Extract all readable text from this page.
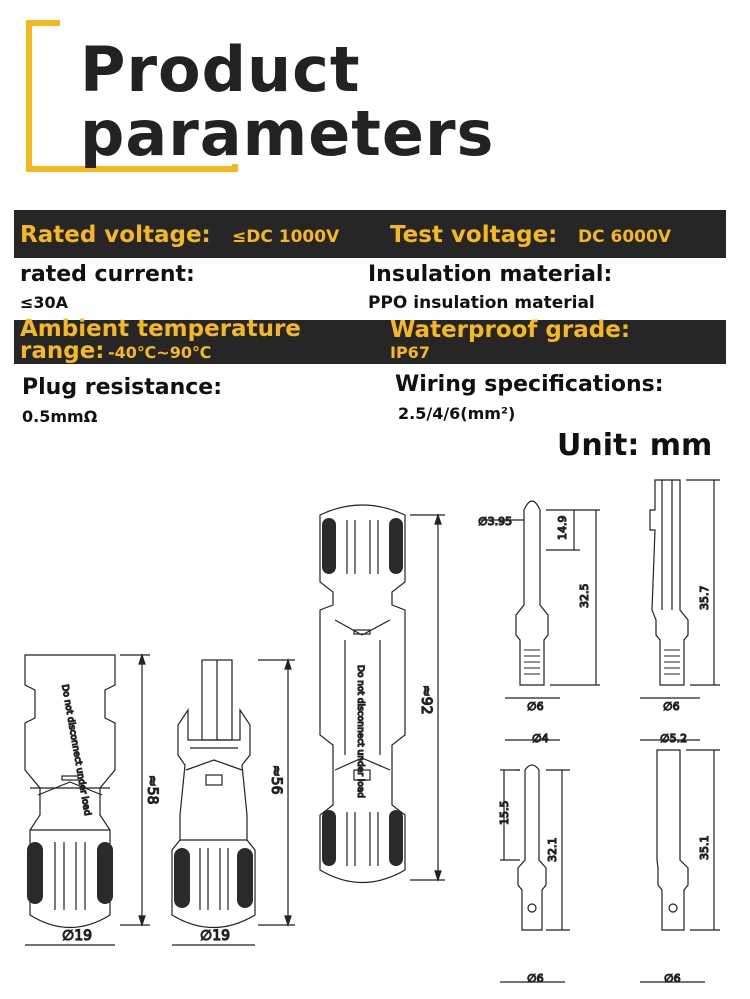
Product
parameters
Rated voltage: ≤DC 1000V Test voltage: DC 6000V
rated current:
≤30A
Insulation material:
PPO insulation material
Ambient temperature
range: -40℃~90℃
Waterproof grade:
IP67
Plug resistance:
0.5mmΩ
Wiring specifications:
2.5/4/6(mm²)
Unit: mm
≈58
∅19
Do not disconnect under load	≈56
∅19
≈92
Do not disconnect under load
∅3.95	14.9
32.5
∅6
35.7
∅6
∅4
15.5
32.1
∅6
∅5.2
35.1
∅6
